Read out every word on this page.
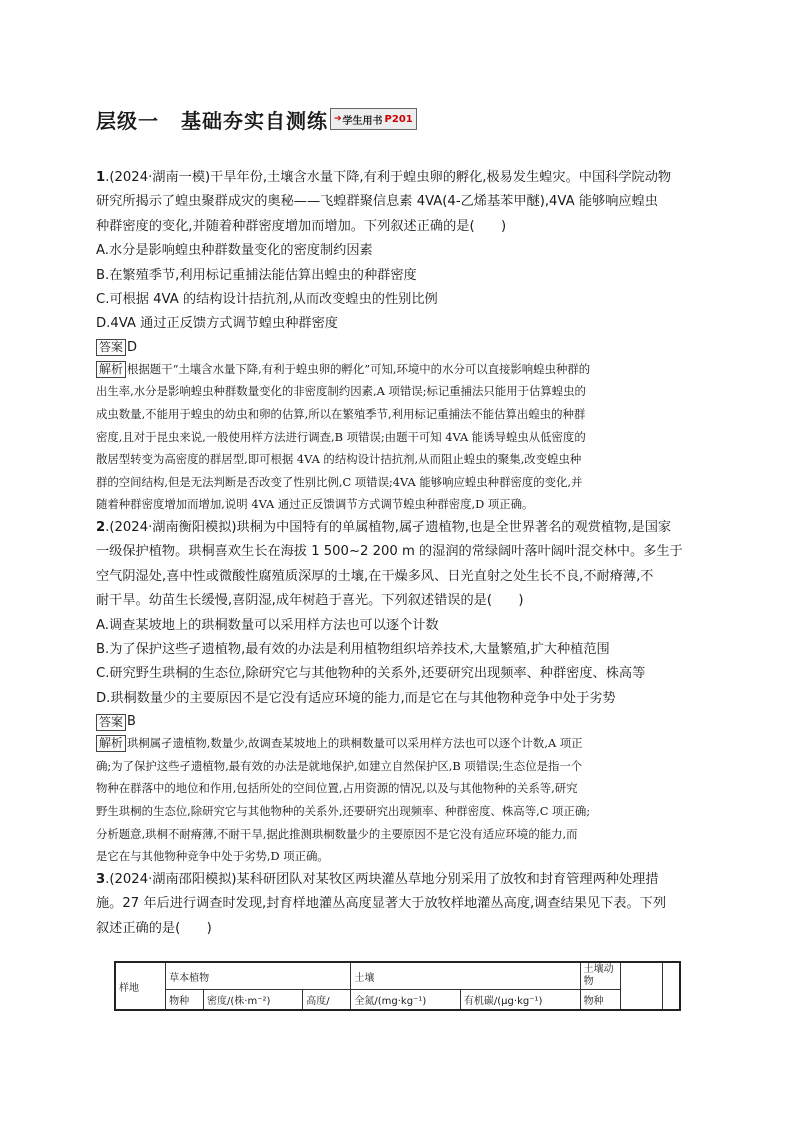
层级一 基础夯实自测练 ➔ 学生用书 P201
1.(2024·湖南一模)干旱年份,土壤含水量下降,有利于蝗虫卵的孵化,极易发生蝗灾。中国科学院动物
研究所揭示了蝗虫聚群成灾的奥秘——飞蝗群聚信息素 4VA(4-乙烯基苯甲醚),4VA 能够响应蝗虫
种群密度的变化,并随着种群密度增加而增加。下列叙述正确的是(　　)
A.水分是影响蝗虫种群数量变化的密度制约因素
B.在繁殖季节,利用标记重捕法能估算出蝗虫的种群密度
C.可根据 4VA 的结构设计拮抗剂,从而改变蝗虫的性别比例
D.4VA 通过正反馈方式调节蝗虫种群密度
答案 D
解析 根据题干“土壤含水量下降,有利于蝗虫卵的孵化”可知,环境中的水分可以直接影响蝗虫种群的
出生率,水分是影响蝗虫种群数量变化的非密度制约因素,A 项错误;标记重捕法只能用于估算蝗虫的
成虫数量,不能用于蝗虫的幼虫和卵的估算,所以在繁殖季节,利用标记重捕法不能估算出蝗虫的种群
密度,且对于昆虫来说,一般使用样方法进行调查,B 项错误;由题干可知 4VA 能诱导蝗虫从低密度的
散居型转变为高密度的群居型,即可根据 4VA 的结构设计拮抗剂,从而阻止蝗虫的聚集,改变蝗虫种
群的空间结构,但是无法判断是否改变了性别比例,C 项错误;4VA 能够响应蝗虫种群密度的变化,并
随着种群密度增加而增加,说明 4VA 通过正反馈调节方式调节蝗虫种群密度,D 项正确。
2.(2024·湖南衡阳模拟)珙桐为中国特有的单属植物,属孑遗植物,也是全世界著名的观赏植物,是国家
一级保护植物。珙桐喜欢生长在海拔 1 500~2 200 m 的湿润的常绿阔叶落叶阔叶混交林中。多生于
空气阴湿处,喜中性或微酸性腐殖质深厚的土壤,在干燥多风、日光直射之处生长不良,不耐瘠薄,不
耐干旱。幼苗生长缓慢,喜阴湿,成年树趋于喜光。下列叙述错误的是(　　)
A.调查某坡地上的珙桐数量可以采用样方法也可以逐个计数
B.为了保护这些孑遗植物,最有效的办法是利用植物组织培养技术,大量繁殖,扩大种植范围
C.研究野生珙桐的生态位,除研究它与其他物种的关系外,还要研究出现频率、种群密度、株高等
D.珙桐数量少的主要原因不是它没有适应环境的能力,而是它在与其他物种竞争中处于劣势
答案 B
解析 珙桐属孑遗植物,数量少,故调查某坡地上的珙桐数量可以采用样方法也可以逐个计数,A 项正
确;为了保护这些孑遗植物,最有效的办法是就地保护,如建立自然保护区,B 项错误;生态位是指一个
物种在群落中的地位和作用,包括所处的空间位置,占用资源的情况,以及与其他物种的关系等,研究
野生珙桐的生态位,除研究它与其他物种的关系外,还要研究出现频率、种群密度、株高等,C 项正确;
分析题意,珙桐不耐瘠薄,不耐干旱,据此推测珙桐数量少的主要原因不是它没有适应环境的能力,而
是它在与其他物种竞争中处于劣势,D 项正确。
3.(2024·湖南邵阳模拟)某科研团队对某牧区两块灌丛草地分别采用了放牧和封育管理两种处理措
施。27 年后进行调查时发现,封育样地灌丛高度显著大于放牧样地灌丛高度,调查结果见下表。下列
叙述正确的是(　　)
样地	草本植物			土壤		土壤动物		
	物种	密度/(株·m⁻²)	高度/	全氮/(mg·kg⁻¹)	有机碳/(μg·kg⁻¹)	物种		
